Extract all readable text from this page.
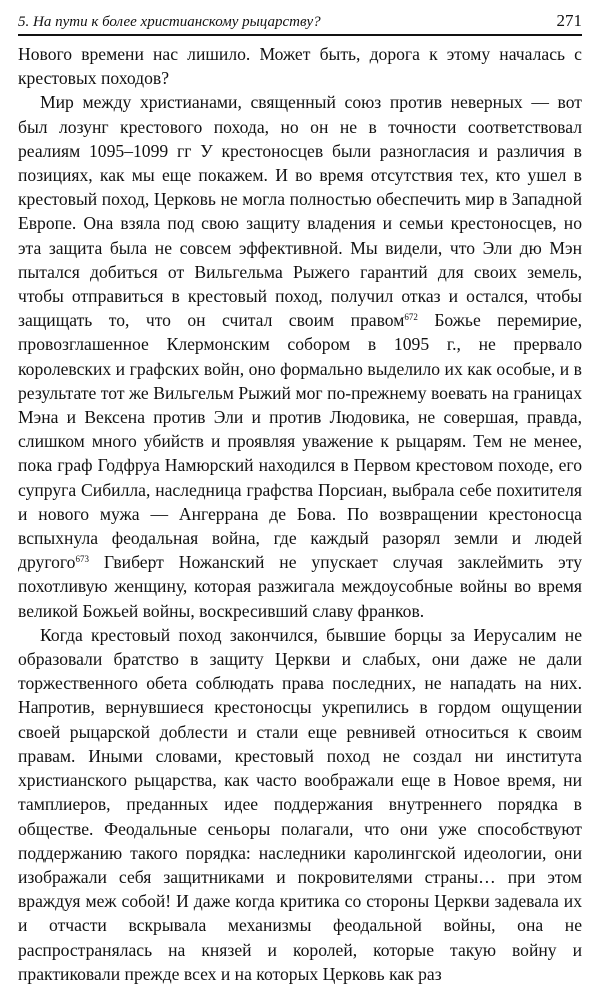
5. На пути к более христианскому рыцарству?	271

Нового времени нас лишило. Может быть, дорога к этому началась с крестовых походов?

Мир между христианами, священный союз против неверных — вот был лозунг крестового похода, но он не в точности соответствовал реалиям 1095–1099 гг У крестоносцев были разногласия и различия в позициях, как мы еще покажем. И во время отсутствия тех, кто ушел в крестовый поход, Церковь не могла полностью обеспечить мир в Западной Европе. Она взяла под свою защиту владения и семьи крестоносцев, но эта защита была не совсем эффективной. Мы видели, что Эли дю Мэн пытался добиться от Вильгельма Рыжего гарантий для своих земель, чтобы отправиться в крестовый поход, получил отказ и остался, чтобы защищать то, что он считал своим правом$^{672}$ Божье перемирие, провозглашенное Клермонским собором в 1095 г., не прервало королевских и графских войн, оно формально выделило их как особые, и в результате тот же Вильгельм Рыжий мог по-прежнему воевать на границах Мэна и Вексена против Эли и против Людовика, не совершая, правда, слишком много убийств и проявляя уважение к рыцарям. Тем не менее, пока граф Годфруа Намюрский находился в Первом крестовом походе, его супруга Сибилла, наследница графства Порсиан, выбрала себе похитителя и нового мужа — Ангеррана де Бова. По возвращении крестоносца вспыхнула феодальная война, где каждый разорял земли и людей другого$^{673}$ Гвиберт Ножанский не упускает случая заклеймить эту похотливую женщину, которая разжигала междоусобные войны во время великой Божьей войны, воскресивший славу франков.

Когда крестовый поход закончился, бывшие борцы за Иерусалим не образовали братство в защиту Церкви и слабых, они даже не дали торжественного обета соблюдать права последних, не нападать на них. Напротив, вернувшиеся крестоносцы укрепились в гордом ощущении своей рыцарской доблести и стали еще ревнивей относиться к своим правам. Иными словами, крестовый поход не создал ни института христианского рыцарства, как часто воображали еще в Новое время, ни тамплиеров, преданных идее поддержания внутреннего порядка в обществе. Феодальные сеньоры полагали, что они уже способствуют поддержанию такого порядка: наследники каролингской идеологии, они изображали себя защитниками и покровителями страны… при этом враждуя меж собой! И даже когда критика со стороны Церкви задевала их и отчасти вскрывала механизмы феодальной войны, она не распространялась на князей и королей, которые такую войну и практиковали прежде всех и на которых Церковь как раз
